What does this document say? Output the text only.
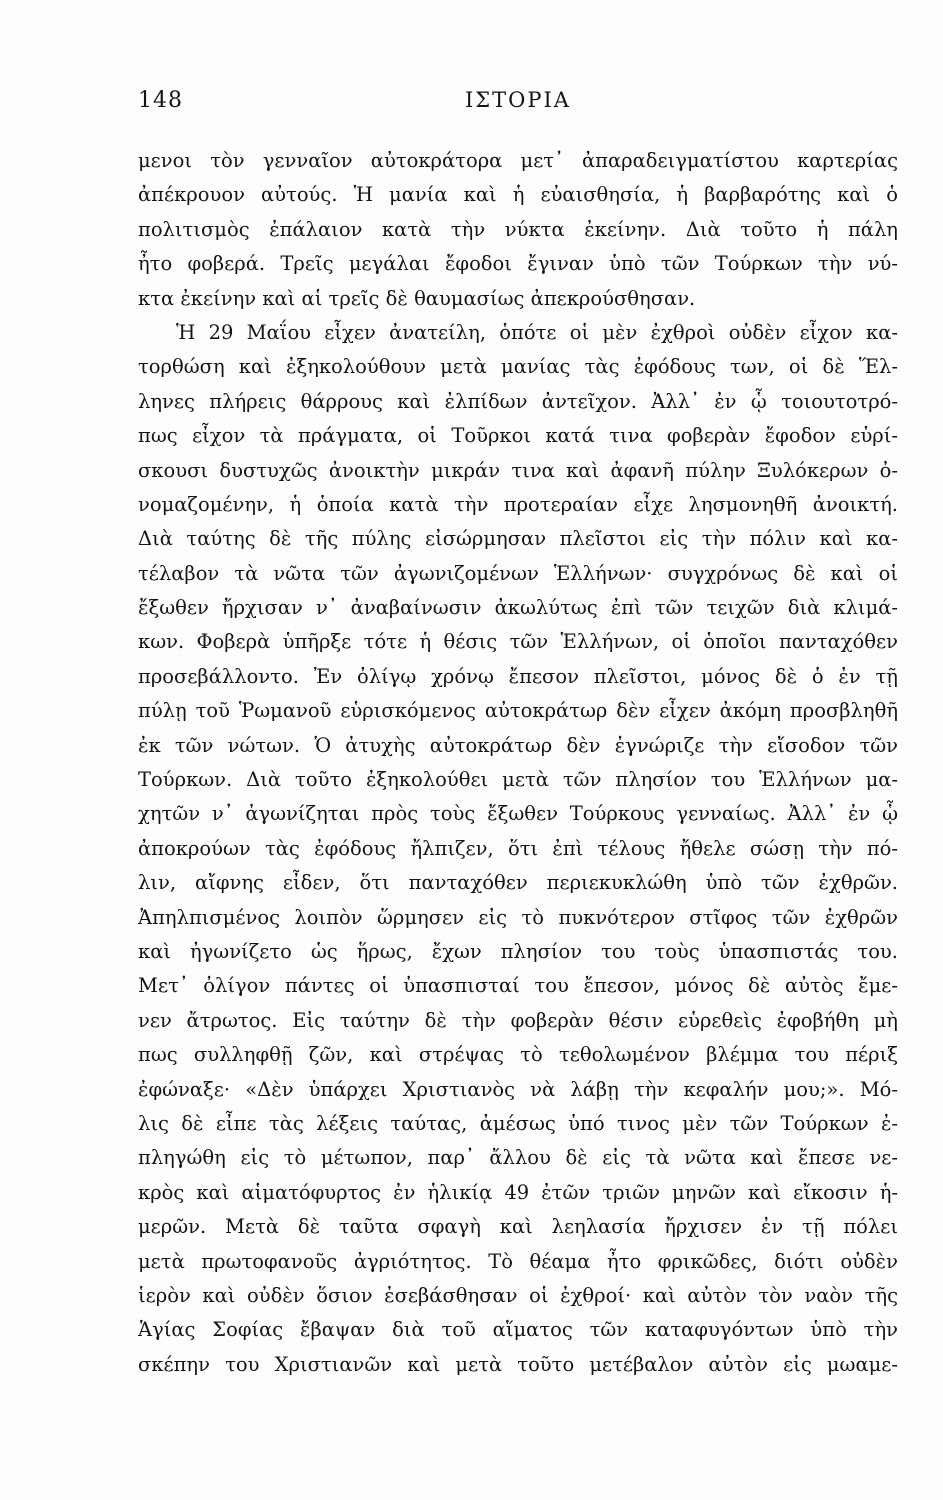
148	ΙΣΤΟΡΙΑ
μενοι τὸν γενναῖον αὐτοκράτορα μετ᾽ ἀπαραδειγματίστου καρτερίας
ἀπέκρουον αὐτούς. Ἡ μανία καὶ ἡ εὐαισθησία, ἡ βαρβαρότης καὶ ὁ
πολιτισμὸς ἐπάλαιον κατὰ τὴν νύκτα ἐκείνην. Διὰ τοῦτο ἡ πάλη
ἦτο φοβερά. Τρεῖς μεγάλαι ἔφοδοι ἔγιναν ὑπὸ τῶν Τούρκων τὴν νύ-
κτα ἐκείνην καὶ αἱ τρεῖς δὲ θαυμασίως ἀπεκρούσθησαν.
Ἡ 29 Μαΐου εἶχεν ἀνατείλη, ὁπότε οἱ μὲν ἐχθροὶ οὐδὲν εἶχον κα-
τορθώση καὶ ἐξηκολούθουν μετὰ μανίας τὰς ἐφόδους των, οἱ δὲ Ἕλ-
ληνες πλήρεις θάρρους καὶ ἐλπίδων ἀντεῖχον. Ἀλλ᾽ ἐν ᾧ τοιουτοτρό-
πως εἶχον τὰ πράγματα, οἱ Τοῦρκοι κατά τινα φοβερὰν ἔφοδον εὑρί-
σκουσι δυστυχῶς ἀνοικτὴν μικράν τινα καὶ ἀφανῆ πύλην Ξυλόκερων ὀ-
νομαζομένην, ἡ ὁποία κατὰ τὴν προτεραίαν εἶχε λησμονηθῆ ἀνοικτή.
Διὰ ταύτης δὲ τῆς πύλης εἰσώρμησαν πλεῖστοι εἰς τὴν πόλιν καὶ κα-
τέλαβον τὰ νῶτα τῶν ἀγωνιζομένων Ἑλλήνων· συγχρόνως δὲ καὶ οἱ
ἔξωθεν ἤρχισαν ν᾽ ἀναβαίνωσιν ἀκωλύτως ἐπὶ τῶν τειχῶν διὰ κλιμά-
κων. Φοβερὰ ὑπῆρξε τότε ἡ θέσις τῶν Ἑλλήνων, οἱ ὁποῖοι πανταχόθεν
προσεβάλλοντο. Ἐν ὀλίγῳ χρόνῳ ἔπεσον πλεῖστοι, μόνος δὲ ὁ ἐν τῇ
πύλῃ τοῦ Ῥωμανοῦ εὑρισκόμενος αὐτοκράτωρ δὲν εἶχεν ἀκόμη προσβληθῆ
ἐκ τῶν νώτων. Ὁ ἀτυχὴς αὐτοκράτωρ δὲν ἐγνώριζε τὴν εἴσοδον τῶν
Τούρκων. Διὰ τοῦτο ἐξηκολούθει μετὰ τῶν πλησίον του Ἑλλήνων μα-
χητῶν ν᾽ ἀγωνίζηται πρὸς τοὺς ἔξωθεν Τούρκους γενναίως. Ἀλλ᾽ ἐν ᾧ
ἀποκρούων τὰς ἐφόδους ἤλπιζεν, ὅτι ἐπὶ τέλους ἤθελε σώσῃ τὴν πό-
λιν, αἴφνης εἶδεν, ὅτι πανταχόθεν περιεκυκλώθη ὑπὸ τῶν ἐχθρῶν.
Ἀπηλπισμένος λοιπὸν ὥρμησεν εἰς τὸ πυκνότερον στῖφος τῶν ἐχθρῶν
καὶ ἠγωνίζετο ὡς ἥρως, ἔχων πλησίον του τοὺς ὑπασπιστάς του.
Μετ᾽ ὀλίγον πάντες οἱ ὑπασπισταί του ἔπεσον, μόνος δὲ αὐτὸς ἔμε-
νεν ἄτρωτος. Εἰς ταύτην δὲ τὴν φοβερὰν θέσιν εὑρεθεὶς ἐφοβήθη μὴ
πως συλληφθῇ ζῶν, καὶ στρέψας τὸ τεθολωμένον βλέμμα του πέριξ
ἐφώναξε· «Δὲν ὑπάρχει Χριστιανὸς νὰ λάβῃ τὴν κεφαλήν μου;». Μό-
λις δὲ εἶπε τὰς λέξεις ταύτας, ἀμέσως ὑπό τινος μὲν τῶν Τούρκων ἐ-
πληγώθη εἰς τὸ μέτωπον, παρ᾽ ἄλλου δὲ εἰς τὰ νῶτα καὶ ἔπεσε νε-
κρὸς καὶ αἱματόφυρτος ἐν ἡλικίᾳ 49 ἐτῶν τριῶν μηνῶν καὶ εἴκοσιν ἡ-
μερῶν. Μετὰ δὲ ταῦτα σφαγὴ καὶ λεηλασία ἤρχισεν ἐν τῇ πόλει
μετὰ πρωτοφανοῦς ἀγριότητος. Τὸ θέαμα ἦτο φρικῶδες, διότι οὐδὲν
ἱερὸν καὶ οὐδὲν ὅσιον ἐσεβάσθησαν οἱ ἐχθροί· καὶ αὐτὸν τὸν ναὸν τῆς
Ἁγίας Σοφίας ἔβαψαν διὰ τοῦ αἵματος τῶν καταφυγόντων ὑπὸ τὴν
σκέπην του Χριστιανῶν καὶ μετὰ τοῦτο μετέβαλον αὐτὸν εἰς μωαμε-
